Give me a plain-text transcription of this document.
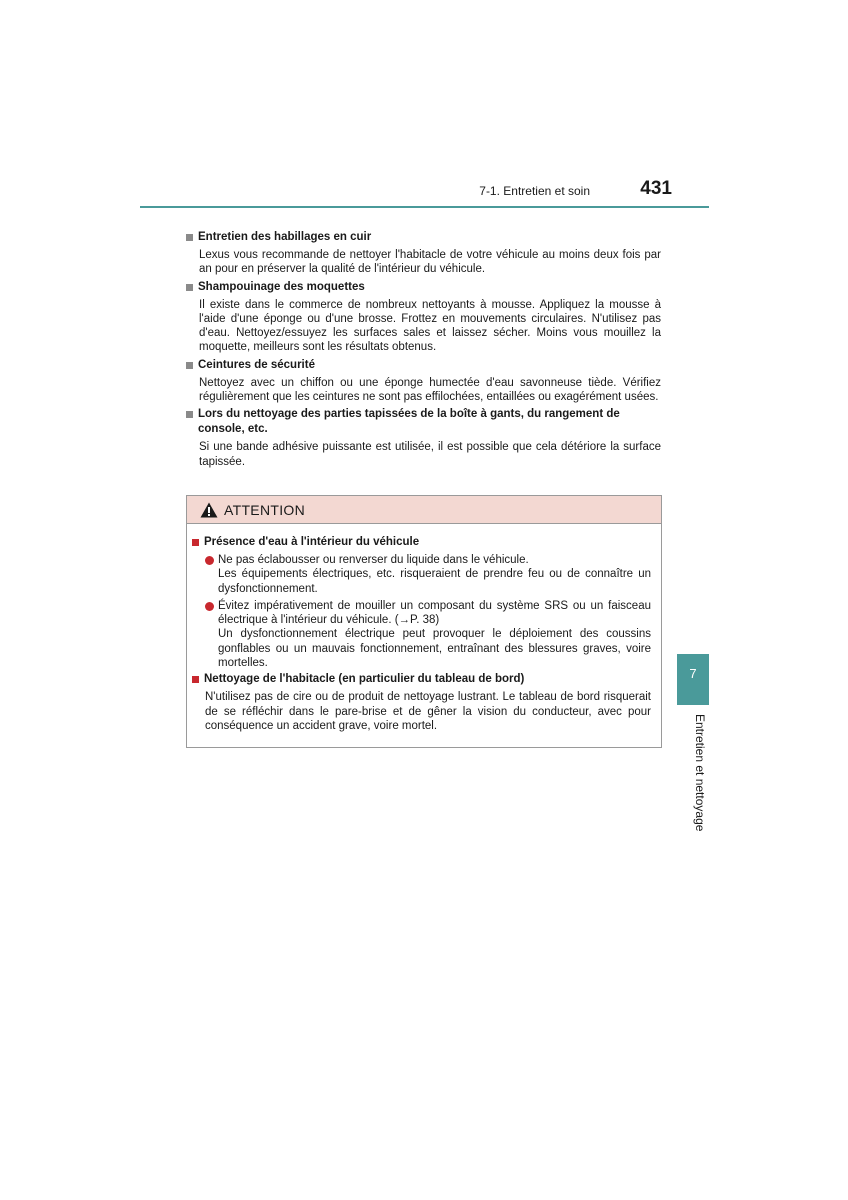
7-1. Entretien et soin	431
Entretien des habillages en cuir
Lexus vous recommande de nettoyer l'habitacle de votre véhicule au moins deux fois par an pour en préserver la qualité de l'intérieur du véhicule.
Shampouinage des moquettes
Il existe dans le commerce de nombreux nettoyants à mousse. Appliquez la mousse à l'aide d'une éponge ou d'une brosse. Frottez en mouvements circulaires. N'utilisez pas d'eau. Nettoyez/essuyez les surfaces sales et laissez sécher. Moins vous mouillez la moquette, meilleurs sont les résultats obtenus.
Ceintures de sécurité
Nettoyez avec un chiffon ou une éponge humectée d'eau savonneuse tiède. Vérifiez régulièrement que les ceintures ne sont pas effilochées, entaillées ou exagérément usées.
Lors du nettoyage des parties tapissées de la boîte à gants, du rangement de console, etc.
Si une bande adhésive puissante est utilisée, il est possible que cela détériore la surface tapissée.
ATTENTION
Présence d'eau à l'intérieur du véhicule
Ne pas éclabousser ou renverser du liquide dans le véhicule.
Les équipements électriques, etc. risqueraient de prendre feu ou de connaître un dysfonctionnement.
Évitez impérativement de mouiller un composant du système SRS ou un faisceau électrique à l'intérieur du véhicule. (→P. 38)
Un dysfonctionnement électrique peut provoquer le déploiement des coussins gonflables ou un mauvais fonctionnement, entraînant des blessures graves, voire mortelles.
Nettoyage de l'habitacle (en particulier du tableau de bord)
N'utilisez pas de cire ou de produit de nettoyage lustrant. Le tableau de bord risquerait de se réfléchir dans le pare-brise et de gêner la vision du conducteur, avec pour conséquence un accident grave, voire mortel.
7
Entretien et nettoyage
